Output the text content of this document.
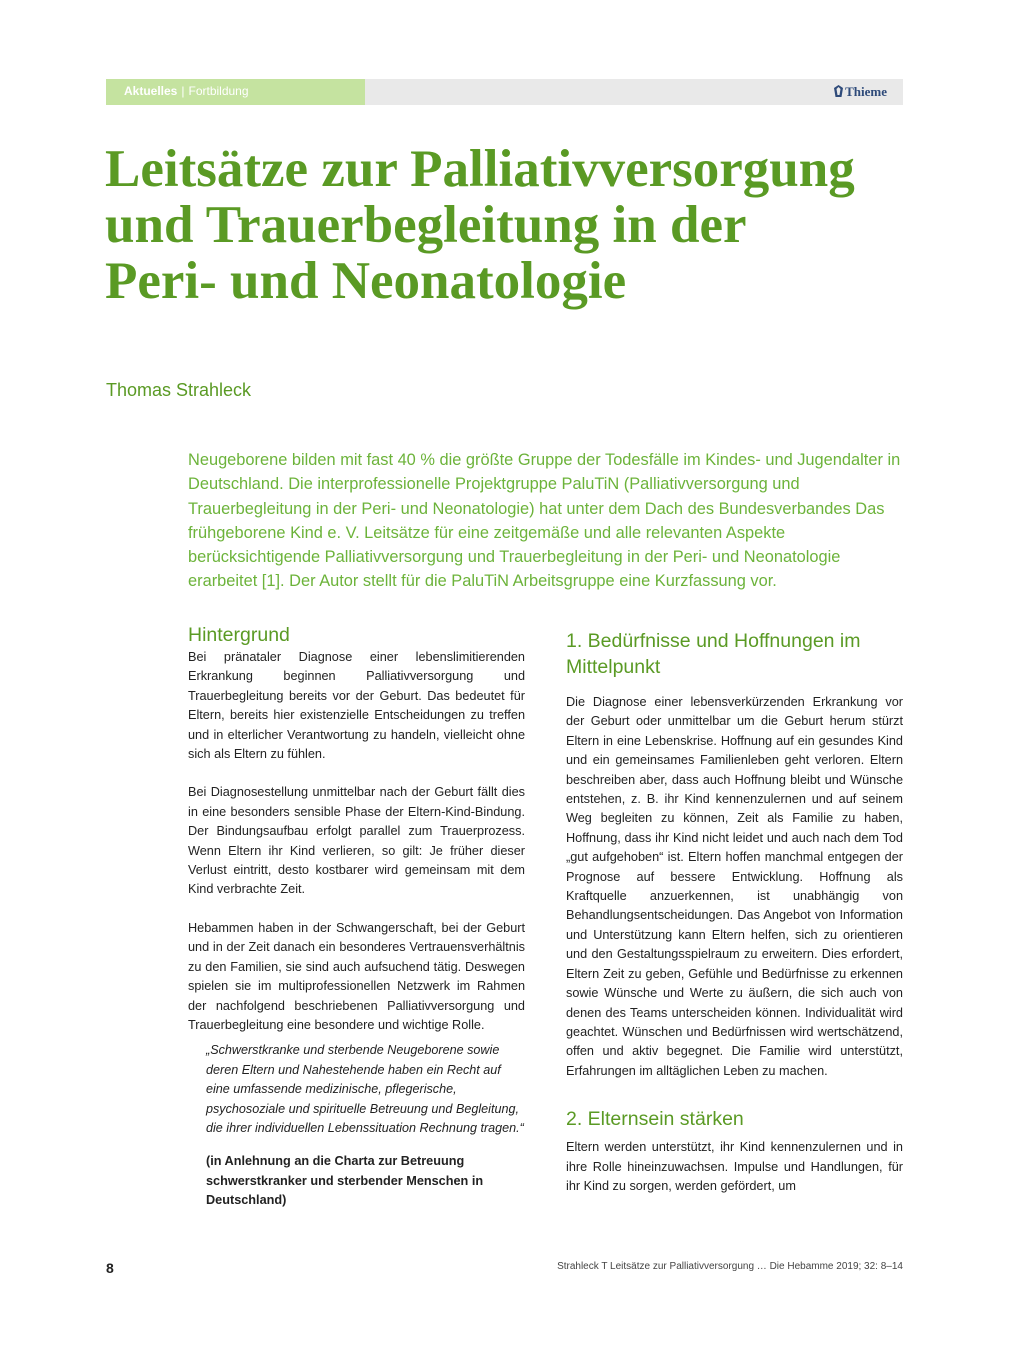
Aktuelles | Fortbildung	Thieme
Leitsätze zur Palliativversorgung und Trauerbegleitung in der Peri- und Neonatologie
Thomas Strahleck

Neugeborene bilden mit fast 40 % die größte Gruppe der Todesfälle im Kindes- und Jugendalter in Deutschland. Die interprofessionelle Projektgruppe PaluTiN (Palliativversorgung und Trauerbegleitung in der Peri- und Neonatologie) hat unter dem Dach des Bundesverbandes Das frühgeborene Kind e. V. Leitsätze für eine zeitgemäße und alle relevanten Aspekte berücksichtigende Palliativversorgung und Trauerbegleitung in der Peri- und Neonatologie erarbeitet [1]. Der Autor stellt für die PaluTiN Arbeitsgruppe eine Kurzfassung vor.

Hintergrund

Bei pränataler Diagnose einer lebenslimitierenden Erkrankung beginnen Palliativversorgung und Trauerbegleitung bereits vor der Geburt. Das bedeutet für Eltern, bereits hier existenzielle Entscheidungen zu treffen und in elterlicher Verantwortung zu handeln, vielleicht ohne sich als Eltern zu fühlen.

Bei Diagnosestellung unmittelbar nach der Geburt fällt dies in eine besonders sensible Phase der Eltern-Kind-Bindung. Der Bindungsaufbau erfolgt parallel zum Trauerprozess. Wenn Eltern ihr Kind verlieren, so gilt: Je früher dieser Verlust eintritt, desto kostbarer wird gemeinsam mit dem Kind verbrachte Zeit.

Hebammen haben in der Schwangerschaft, bei der Geburt und in der Zeit danach ein besonderes Vertrauensverhältnis zu den Familien, sie sind auch aufsuchend tätig. Deswegen spielen sie im multiprofessionellen Netzwerk im Rahmen der nachfolgend beschriebenen Palliativversorgung und Trauerbegleitung eine besondere und wichtige Rolle.

„Schwerstkranke und sterbende Neugeborene sowie deren Eltern und Nahestehende haben ein Recht auf eine umfassende medizinische, pflegerische, psychosoziale und spirituelle Betreuung und Begleitung, die ihrer individuellen Lebenssituation Rechnung tragen.“
(in Anlehnung an die Charta zur Betreuung schwerstkranker und sterbender Menschen in Deutschland)
1. Bedürfnisse und Hoffnungen im Mittelpunkt

Die Diagnose einer lebensverkürzenden Erkrankung vor der Geburt oder unmittelbar um die Geburt herum stürzt Eltern in eine Lebenskrise. Hoffnung auf ein gesundes Kind und ein gemeinsames Familienleben geht verloren. Eltern beschreiben aber, dass auch Hoffnung bleibt und Wünsche entstehen, z. B. ihr Kind kennenzulernen und auf seinem Weg begleiten zu können, Zeit als Familie zu haben, Hoffnung, dass ihr Kind nicht leidet und auch nach dem Tod „gut aufgehoben“ ist. Eltern hoffen manchmal entgegen der Prognose auf bessere Entwicklung. Hoffnung als Kraftquelle anzuerkennen, ist unabhängig von Behandlungsentscheidungen. Das Angebot von Information und Unterstützung kann Eltern helfen, sich zu orientieren und den Gestaltungsspielraum zu erweitern. Dies erfordert, Eltern Zeit zu geben, Gefühle und Bedürfnisse zu erkennen sowie Wünsche und Werte zu äußern, die sich auch von denen des Teams unterscheiden können. Individualität wird geachtet. Wünschen und Bedürfnissen wird wertschätzend, offen und aktiv begegnet. Die Familie wird unterstützt, Erfahrungen im alltäglichen Leben zu machen.

2. Elternsein stärken

Eltern werden unterstützt, ihr Kind kennenzulernen und in ihre Rolle hineinzuwachsen. Impulse und Handlungen, für ihr Kind zu sorgen, werden gefördert, um

8	Strahleck T Leitsätze zur Palliativversorgung … Die Hebamme 2019; 32: 8–14
